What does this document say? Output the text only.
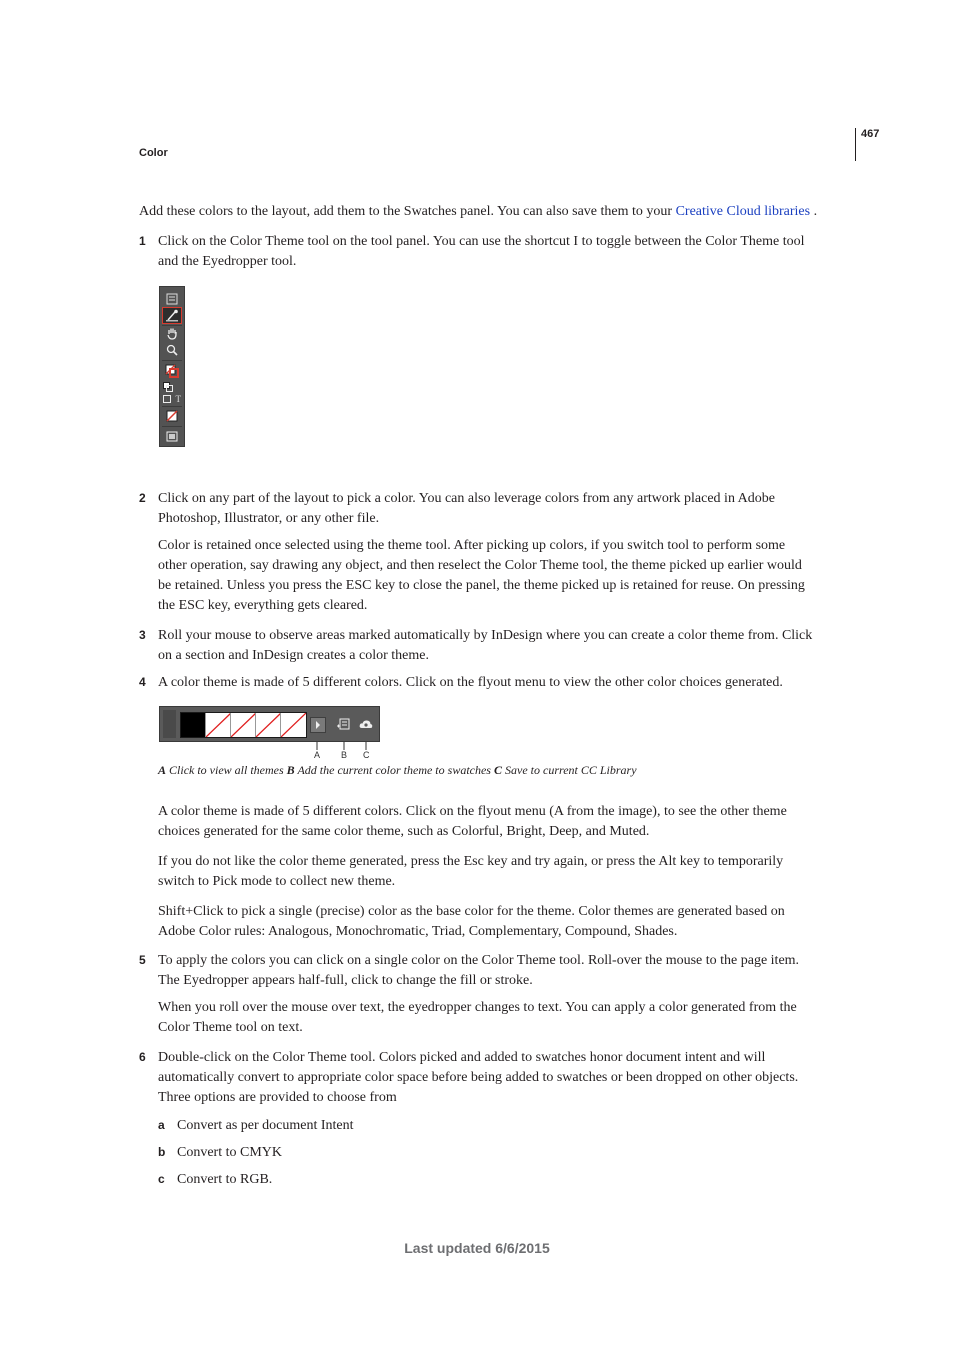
467
Color
Add these colors to the layout, add them to the Swatches panel. You can also save them to your Creative Cloud libraries .
1 Click on the Color Theme tool on the tool panel. You can use the shortcut I to toggle between the Color Theme tool
and the Eyedropper tool.
T
2 Click on any part of the layout to pick a color. You can also leverage colors from any artwork placed in Adobe
Photoshop, Illustrator, or any other file.
Color is retained once selected using the theme tool. After picking up colors, if you switch tool to perform some
other operation, say drawing any object, and then reselect the Color Theme tool, the theme picked up earlier would
be retained. Unless you press the ESC key to close the panel, the theme picked up is retained for reuse. On pressing
the ESC key, everything gets cleared.
3 Roll your mouse to observe areas marked automatically by InDesign where you can create a color theme from. Click
on a section and InDesign creates a color theme.
4 A color theme is made of 5 different colors. Click on the flyout menu to view the other color choices generated.
A B C
A Click to view all themes B Add the current color theme to swatches C Save to current CC Library
A color theme is made of 5 different colors. Click on the flyout menu (A from the image), to see the other theme
choices generated for the same color theme, such as Colorful, Bright, Deep, and Muted.
If you do not like the color theme generated, press the Esc key and try again, or press the Alt key to temporarily
switch to Pick mode to collect new theme.
Shift+Click to pick a single (precise) color as the base color for the theme. Color themes are generated based on
Adobe Color rules: Analogous, Monochromatic, Triad, Complementary, Compound, Shades.
5 To apply the colors you can click on a single color on the Color Theme tool. Roll-over the mouse to the page item.
The Eyedropper appears half-full, click to change the fill or stroke.
When you roll over the mouse over text, the eyedropper changes to text. You can apply a color generated from the
Color Theme tool on text.
6 Double-click on the Color Theme tool. Colors picked and added to swatches honor document intent and will
automatically convert to appropriate color space before being added to swatches or been dropped on other objects.
Three options are provided to choose from
a Convert as per document Intent
b Convert to CMYK
c Convert to RGB.
Last updated 6/6/2015
